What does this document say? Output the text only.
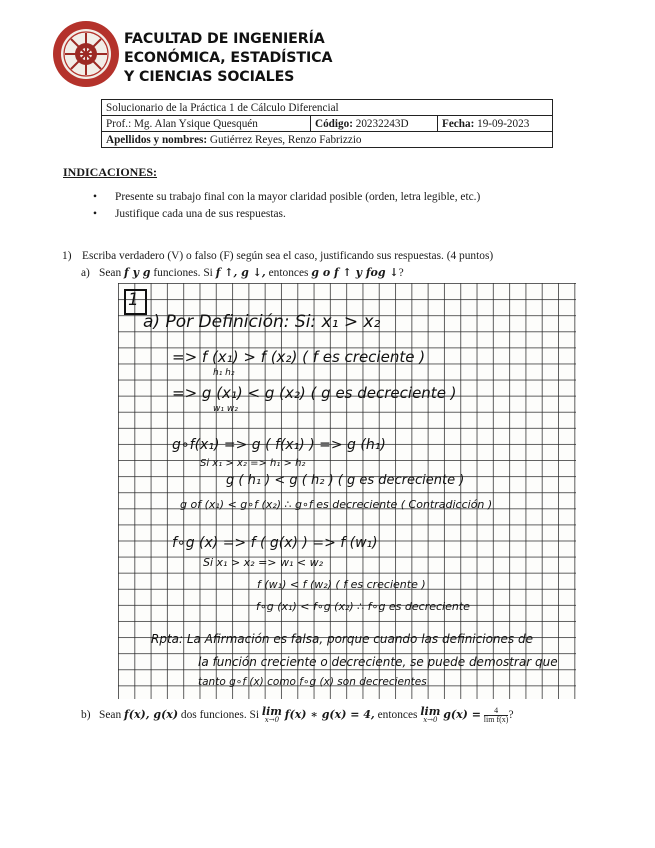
FACULTAD DE INGENIERÍA
ECONÓMICA, ESTADÍSTICA
Y CIENCIAS SOCIALES
Solucionario de la Práctica 1 de Cálculo Diferencial
Prof.: Mg. Alan Ysique Quesquén	Código: 20232243D	Fecha: 19-09-2023
Apellidos y nombres: Gutiérrez Reyes, Renzo Fabrizzio
INDICACIONES:
• Presente su trabajo final con la mayor claridad posible (orden, letra legible, etc.)
• Justifique cada una de sus respuestas.
1) Escriba verdadero (V) o falso (F) según sea el caso, justificando sus respuestas. (4 puntos)
a) Sean f y g funciones. Si f ↑, g ↓, entonces g o f ↑ y fog ↓?
1
a) Por Definición: Si: x₁ > x₂
=> f (x₁) > f (x₂) ( f es creciente )
h₁ h₂
=> g (x₁) < g (x₂) ( g es decreciente )
w₁ w₂
g∘f(x₁) => g ( f(x₁) ) => g (h₁)
Si x₁ > x₂ => h₁ > h₂
g ( h₁ ) < g ( h₂ ) ( g es decreciente )
g of (x₁) < g∘f (x₂) ∴ g∘f es decreciente ( Contradicción )
f∘g (x) => f ( g(x) ) => f (w₁)
Si x₁ > x₂ => w₁ < w₂
f (w₁) < f (w₂) ( f es creciente )
f∘g (x₁) < f∘g (x₂) ∴ f∘g es decreciente
Rpta: La Afirmación es falsa, porque cuando las definiciones de
la función creciente o decreciente, se puede demostrar que
tanto g∘f (x) como f∘g (x) son decrecientes
b) Sean f(x), g(x) dos funciones. Si lim
x→0 f(x) ∗ g(x) = 4, entonces lim
x→0 $g(x) = \frac{4}{\text{lim f(x)}}$?
